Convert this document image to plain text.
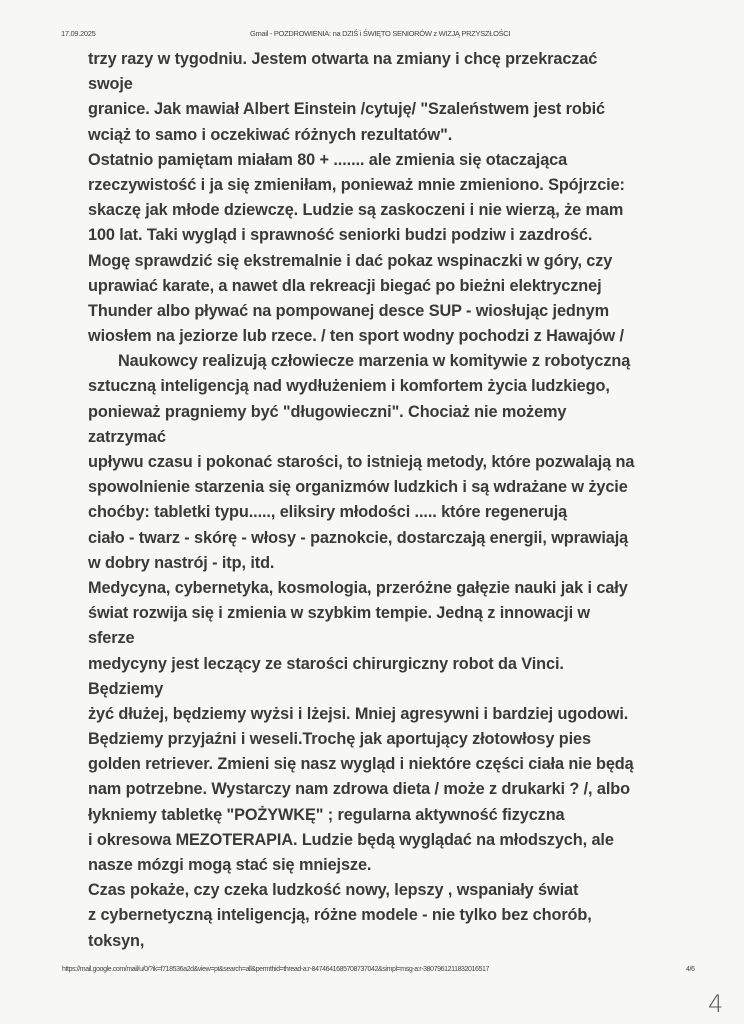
17.09.2025	Gmail - POZDROWIENIA: na DZIŚ i ŚWIĘTO SENIORÓW z WIZJĄ PRZYSZŁOŚCI
trzy razy w tygodniu. Jestem otwarta na zmiany i chcę przekraczać
swoje
granice. Jak mawiał Albert Einstein /cytuję/ "Szaleństwem jest robić
wciąż to samo i oczekiwać różnych rezultatów".
Ostatnio pamiętam miałam 80 + ....... ale zmienia się otaczająca
rzeczywistość i ja się zmieniłam, ponieważ mnie zmieniono. Spójrzcie:
skaczę jak młode dziewczę. Ludzie są zaskoczeni i nie wierzą, że mam
100 lat. Taki wygląd i sprawność seniorki budzi podziw i zazdrość.
Mogę sprawdzić się ekstremalnie i dać pokaz wspinaczki w góry, czy
uprawiać karate, a nawet dla rekreacji biegać po bieżni elektrycznej
Thunder albo pływać na pompowanej desce SUP - wiosłując jednym
wiosłem na jeziorze lub rzece. / ten sport wodny pochodzi z Hawajów /
Naukowcy realizują człowiecze marzenia w komitywie z robotyczną
sztuczną inteligencją nad wydłużeniem i komfortem życia ludzkiego,
ponieważ pragniemy być "długowieczni". Chociaż nie możemy
zatrzymać
upływu czasu i pokonać starości, to istnieją metody, które pozwalają na
spowolnienie starzenia się organizmów ludzkich i są wdrażane w życie
choćby: tabletki typu....., eliksiry młodości ..... które regenerują
ciało - twarz - skórę - włosy - paznokcie, dostarczają energii, wprawiają
w dobry nastrój - itp, itd.
Medycyna, cybernetyka, kosmologia, przeróżne gałęzie nauki jak i cały
świat rozwija się i zmienia w szybkim tempie. Jedną z innowacji w
sferze
medycyny jest leczący ze starości chirurgiczny robot da Vinci.
Będziemy
żyć dłużej, będziemy wyżsi i lżejsi. Mniej agresywni i bardziej ugodowi.
Będziemy przyjaźni i weseli.Trochę jak aportujący złotowłosy pies
golden retriever. Zmieni się nasz wygląd i niektóre części ciała nie będą
nam potrzebne. Wystarczy nam zdrowa dieta / może z drukarki ? /, albo
łykniemy tabletkę "POŻYWKĘ" ; regularna aktywność fizyczna
i okresowa MEZOTERAPIA. Ludzie będą wyglądać na młodszych, ale
nasze mózgi mogą stać się mniejsze.
Czas pokaże, czy czeka ludzkość nowy, lepszy , wspaniały świat
z cybernetyczną inteligencją, różne modele - nie tylko bez chorób,
toksyn,
https://mail.google.com/mail/u/0/?ik=f718536a2d&view=pt&search=all&permthid=thread-a:r-8474641685708737042&simpl=msg-a:r-3807961211832016517	4/6
4
